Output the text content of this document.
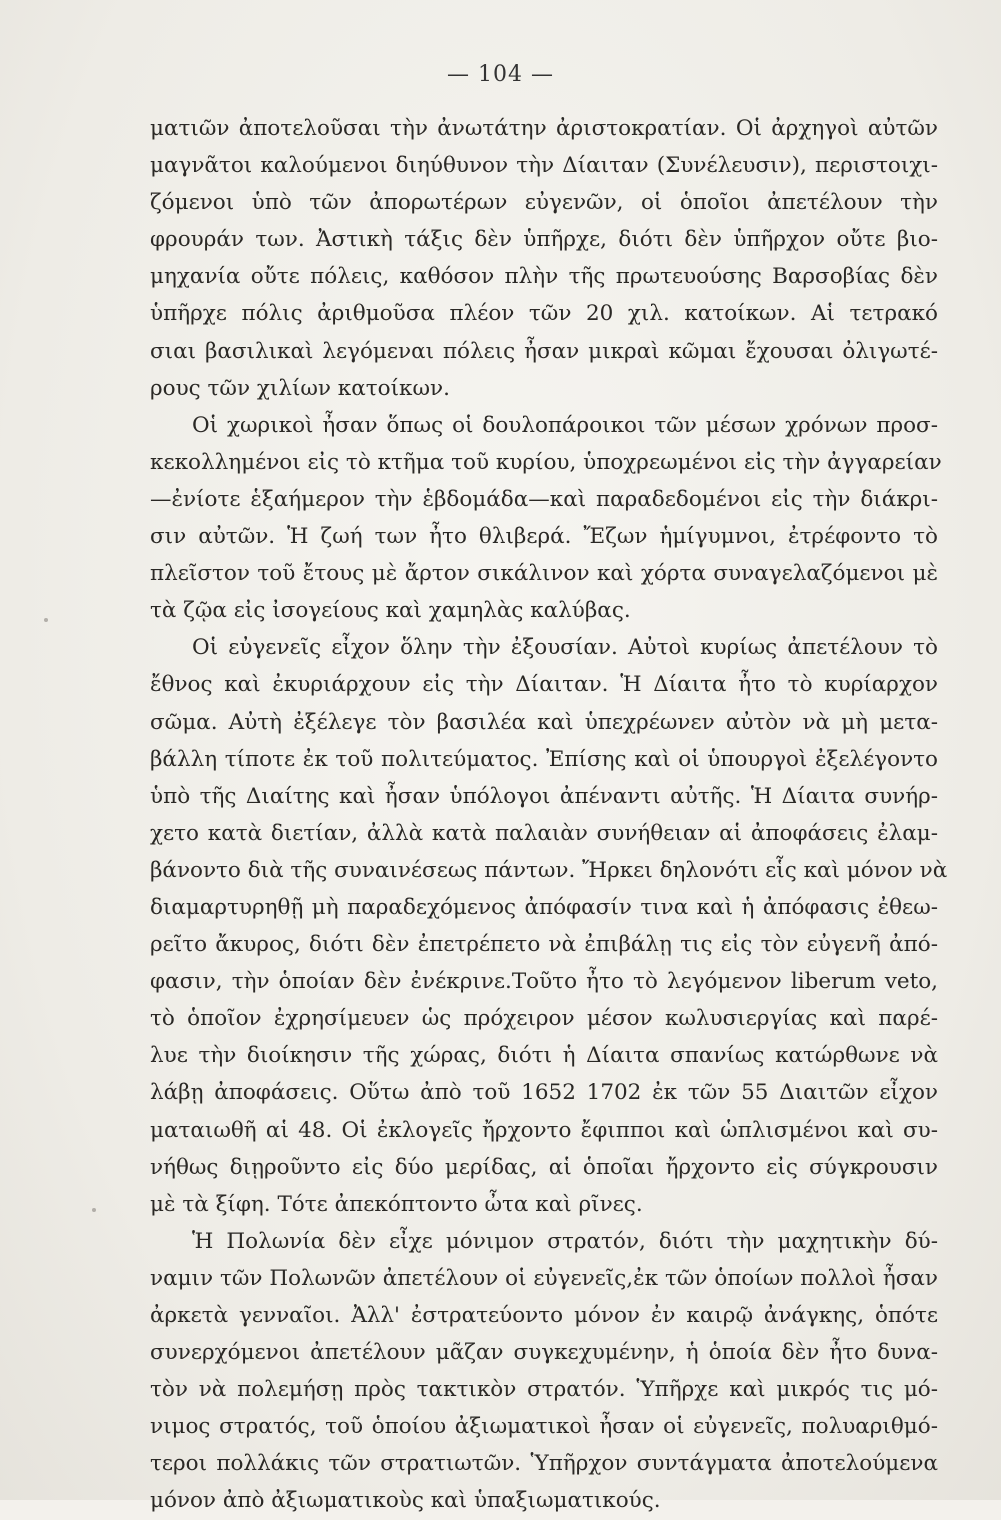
— 104 —
ματιῶν ἀποτελοῦσαι τὴν ἀνωτάτην ἀριστοκρατίαν. Οἱ ἀρχηγοὶ αὐτῶν
μαγνᾶτοι καλούμενοι διηύθυνον τὴν Δίαιταν (Συνέλευσιν), περιστοιχι-
ζόμενοι ὑπὸ τῶν ἀπορωτέρων εὐγενῶν, οἱ ὁποῖοι ἀπετέλουν τὴν
φρουράν των. Ἀστικὴ τάξις δὲν ὑπῆρχε, διότι δὲν ὑπῆρχον οὔτε βιο-
μηχανία οὔτε πόλεις, καθόσον πλὴν τῆς πρωτευούσης Βαρσοβίας δὲν
ὑπῆρχε πόλις ἀριθμοῦσα πλέον τῶν 20 χιλ. κατοίκων. Αἱ τετρακό
σιαι βασιλικαὶ λεγόμεναι πόλεις ἦσαν μικραὶ κῶμαι ἔχουσαι ὀλιγωτέ-
ρους τῶν χιλίων κατοίκων.
Οἱ χωρικοὶ ἦσαν ὅπως οἱ δουλοπάροικοι τῶν μέσων χρόνων προσ-
κεκολλημένοι εἰς τὸ κτῆμα τοῦ κυρίου, ὑποχρεωμένοι εἰς τὴν ἀγγαρείαν
—ἐνίοτε ἑξαήμερον τὴν ἑβδομάδα—καὶ παραδεδομένοι εἰς τὴν διάκρι-
σιν αὐτῶν. Ἡ ζωή των ἦτο θλιβερά. Ἔζων ἡμίγυμνοι, ἐτρέφοντο τὸ
πλεῖστον τοῦ ἔτους μὲ ἄρτον σικάλινον καὶ χόρτα συναγελαζόμενοι μὲ
τὰ ζῷα εἰς ἰσογείους καὶ χαμηλὰς καλύβας.
Οἱ εὐγενεῖς εἶχον ὅλην τὴν ἐξουσίαν. Αὐτοὶ κυρίως ἀπετέλουν τὸ
ἔθνος καὶ ἐκυριάρχουν εἰς τὴν Δίαιταν. Ἡ Δίαιτα ἦτο τὸ κυρίαρχον
σῶμα. Αὐτὴ ἐξέλεγε τὸν βασιλέα καὶ ὑπεχρέωνεν αὐτὸν νὰ μὴ μετα-
βάλλη τίποτε ἐκ τοῦ πολιτεύματος. Ἐπίσης καὶ οἱ ὑπουργοὶ ἐξελέγοντο
ὑπὸ τῆς Διαίτης καὶ ἦσαν ὑπόλογοι ἀπέναντι αὐτῆς. Ἡ Δίαιτα συνήρ-
χετο κατὰ διετίαν, ἀλλὰ κατὰ παλαιὰν συνήθειαν αἱ ἀποφάσεις ἐλαμ-
βάνοντο διὰ τῆς συναινέσεως πάντων. Ἤρκει δηλονότι εἷς καὶ μόνον νὰ
διαμαρτυρηθῇ μὴ παραδεχόμενος ἀπόφασίν τινα καὶ ἡ ἀπόφασις ἐθεω-
ρεῖτο ἄκυρος, διότι δὲν ἐπετρέπετο νὰ ἐπιβάλῃ τις εἰς τὸν εὐγενῆ ἀπό-
φασιν, τὴν ὁποίαν δὲν ἐνέκρινε.Τοῦτο ἦτο τὸ λεγόμενον liberum veto,
τὸ ὁποῖον ἐχρησίμευεν ὡς πρόχειρον μέσον κωλυσιεργίας καὶ παρέ-
λυε τὴν διοίκησιν τῆς χώρας, διότι ἡ Δίαιτα σπανίως κατώρθωνε νὰ
λάβῃ ἀποφάσεις. Οὕτω ἀπὸ τοῦ 1652 1702 ἐκ τῶν 55 Διαιτῶν εἶχον
ματαιωθῆ αἱ 48. Οἱ ἐκλογεῖς ἤρχοντο ἔφιπποι καὶ ὡπλισμένοι καὶ συ-
νήθως διῃροῦντο εἰς δύο μερίδας, αἱ ὁποῖαι ἤρχοντο εἰς σύγκρουσιν
μὲ τὰ ξίφη. Τότε ἀπεκόπτοντο ὦτα καὶ ρῖνες.
Ἡ Πολωνία δὲν εἶχε μόνιμον στρατόν, διότι τὴν μαχητικὴν δύ-
ναμιν τῶν Πολωνῶν ἀπετέλουν οἱ εὐγενεῖς,ἐκ τῶν ὁποίων πολλοὶ ἦσαν
ἀρκετὰ γενναῖοι. Ἀλλ' ἐστρατεύοντο μόνον ἐν καιρῷ ἀνάγκης, ὁπότε
συνερχόμενοι ἀπετέλουν μᾶζαν συγκεχυμένην, ἡ ὁποία δὲν ἦτο δυνα-
τὸν νὰ πολεμήσῃ πρὸς τακτικὸν στρατόν. Ὑπῆρχε καὶ μικρός τις μό-
νιμος στρατός, τοῦ ὁποίου ἀξιωματικοὶ ἦσαν οἱ εὐγενεῖς, πολυαριθμό-
τεροι πολλάκις τῶν στρατιωτῶν. Ὑπῆρχον συντάγματα ἀποτελούμενα
μόνον ἀπὸ ἀξιωματικοὺς καὶ ὑπαξιωματικούς.
